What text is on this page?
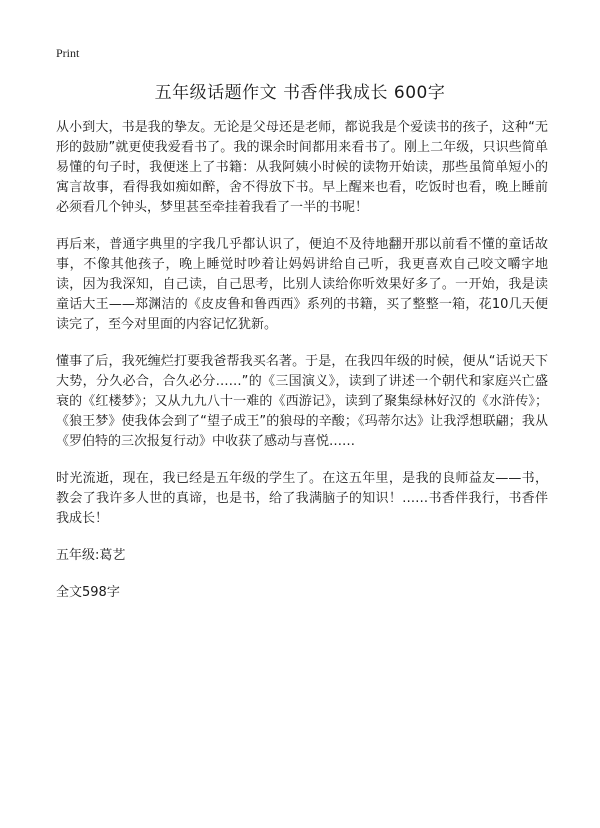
Print
五年级话题作文 书香伴我成长 600字

从小到大，书是我的挚友。无论是父母还是老师，都说我是个爱读书的孩子，这种“无形的鼓励”就更使我爱看书了。我的课余时间都用来看书了。刚上二年级，只识些简单易懂的句子时，我便迷上了书籍：从我阿姨小时候的读物开始读，那些虽简单短小的寓言故事，看得我如痴如醉，舍不得放下书。早上醒来也看，吃饭时也看，晚上睡前必须看几个钟头，梦里甚至牵挂着我看了一半的书呢！

再后来，普通字典里的字我几乎都认识了，便迫不及待地翻开那以前看不懂的童话故事，不像其他孩子，晚上睡觉时吵着让妈妈讲给自己听，我更喜欢自己咬文嚼字地读，因为我深知，自己读，自己思考，比别人读给你听效果好多了。一开始，我是读童话大王——郑渊洁的《皮皮鲁和鲁西西》系列的书籍，买了整整一箱，花10几天便读完了，至今对里面的内容记忆犹新。

懂事了后，我死缠烂打要我爸帮我买名著。于是，在我四年级的时候，便从“话说天下大势，分久必合，合久必分……”的《三国演义》，读到了讲述一个朝代和家庭兴亡盛衰的《红楼梦》；又从九九八十一难的《西游记》，读到了聚集绿林好汉的《水浒传》；《狼王梦》使我体会到了“望子成王”的狼母的辛酸；《玛蒂尔达》让我浮想联翩；我从《罗伯特的三次报复行动》中收获了感动与喜悦……

时光流逝，现在，我已经是五年级的学生了。在这五年里，是我的良师益友——书，教会了我许多人世的真谛，也是书，给了我满脑子的知识！……书香伴我行，书香伴我成长！

五年级:葛艺
全文598字
